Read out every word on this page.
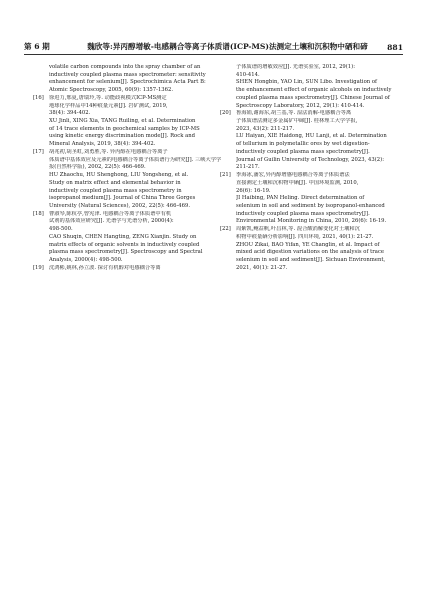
第 6 期	魏欣等:异丙醇增敏-电感耦合等离子体质谱(ICP-MS)法测定土壤和沉积物中硒和碲	881
volatile carbon compounds into the spray chamber of an
inductively coupled plasma mass spectrometer: sensitivity
enhancement for selenium[J]. Spectrochimica Acta Part B:
Atomic Spectroscopy, 2005, 60(9): 1357-1362.
[16] 徐进力,邢夏,唐瑞玲,等. 动能歧视模式ICP-MS测定
地球化学样品中14种痕量元素[J]. 岩矿测试, 2019,
38(4): 394-402.
XU Jinli, XING Xia, TANG Ruiling, et al. Determination
of 14 trace elements in geochemical samples by ICP-MS
using kinetic energy discrimination mode[J]. Rock and
Mineral Analysis, 2019, 38(4): 394-402.
[17] 胡兆初,胡圣虹,刘勇胜,等. 异丙醇在电感耦合等离子
体质谱中基体效应及元素的电感耦合等离子体质谱行为研究[J]. 三峡大学学
报(自然科学版), 2002, 22(5): 466-469.
HU Zhaochu, HU Shenghong, LIU Yongsheng, et al.
Study on matrix effect and elemental behavior in
inductively coupled plasma mass spectrometry in
isopropanol medium[J]. Journal of China Three Gorges
University (Natural Sciences), 2002, 22(5): 466-469.
[18] 曹淑琴,陈杭亭,曾宪津. 电感耦合等离子体质谱中有机
试剂的基体效应研究[J]. 光谱学与光谱分析, 2000(4):
498-500.
CAO Shuqin, CHEN Hangting, ZENG Xianjin. Study on
matrix effects of organic solvents in inductively coupled
plasma mass spectrometry[J]. Spectroscopy and Spectral
Analysis, 2000(4): 498-500.
[19] 沈鸿彬,姚林,孙立波. 探讨有机醇对电感耦合等离
子体质谱的增敏效应[J]. 光谱实验室, 2012, 29(1):
410-414.
SHEN Hongbin, YAO Lin, SUN Libo. Investigation of
the enhancement effect of organic alcohols on inductively
coupled plasma mass spectrometry[J]. Chinese Journal of
Spectroscopy Laboratory, 2012, 29(1): 410-414.
[20] 鲁海娟,谢海东,胡兰基,等. 湿法消解-电感耦合等离
子体质谱法测定多金属矿中碲[J]. 桂林理工大学学报,
2023, 43(2): 211-217.
LU Haiyan, XIE Haidong, HU Lanji, et al. Determination
of tellurium in polymetallic ores by wet digestion-
inductively coupled plasma mass spectrometry[J].
Journal of Guilin University of Technology, 2023, 43(2):
211-217.
[21] 季海冰,潘宏,异丙醇增感电感耦合等离子体质谱法
直接测定土壤和沉积物中硒[J]. 中国环境监测, 2010,
26(6): 16-19.
JI Haibing, PAN Heling. Direct determination of
selenium in soil and sediment by isopropanol-enhanced
inductively coupled plasma mass spectrometry[J].
Environmental Monitoring in China, 2010, 26(6): 16-19.
[22] 周紫凯,鲍益帆,叶昌林,等. 混合酸消解变化对土壤和沉
积物中痕量硒分析影响[J]. 四川环境, 2021, 40(1): 21-27.
ZHOU Zikai, BAO Yifan, YE Changlin, et al. Impact of
mixed acid digestion variations on the analysis of trace
selenium in soil and sediment[J]. Sichuan Environment,
2021, 40(1): 21-27.
